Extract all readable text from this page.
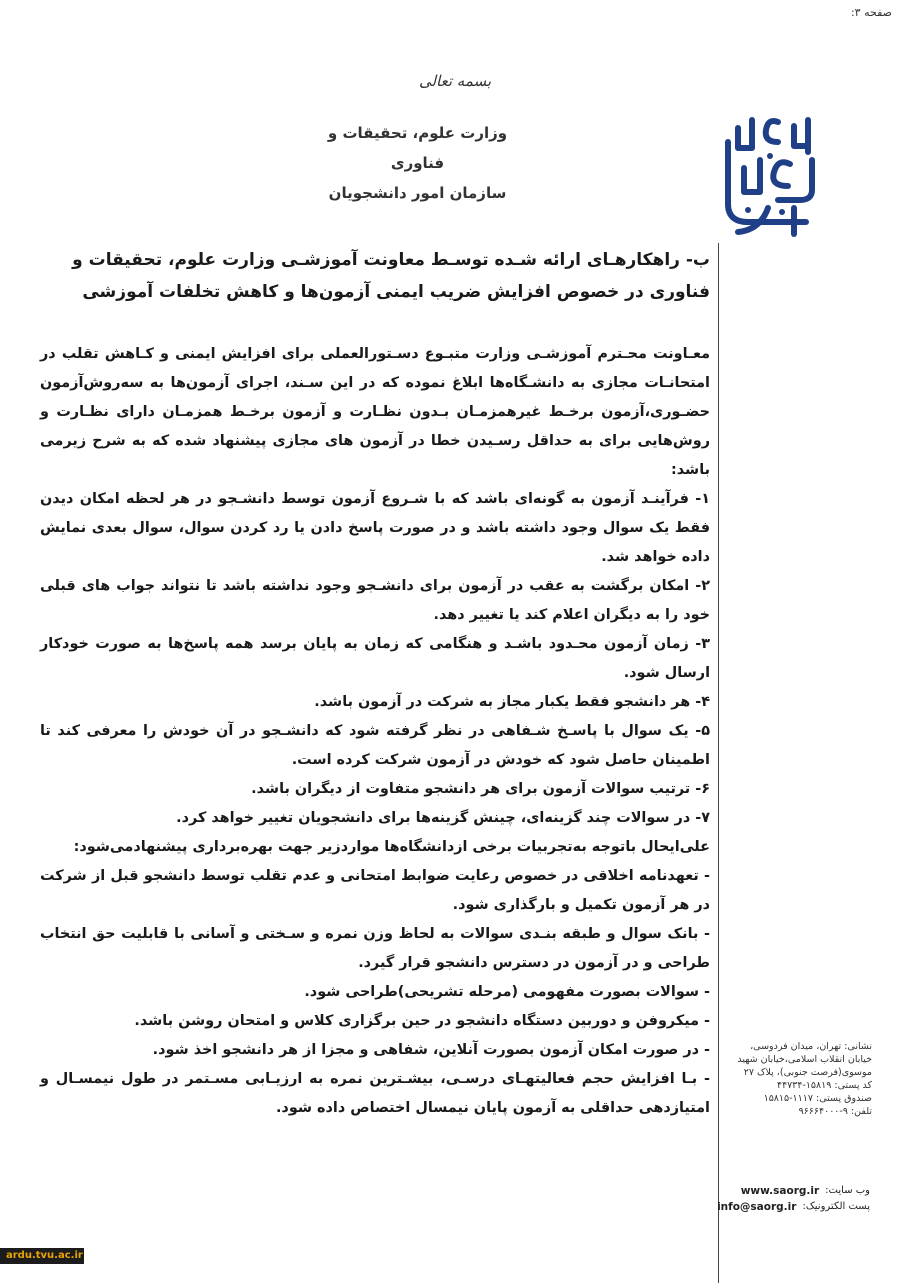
صفحه ۳:
بسمه تعالی
وزارت علوم، تحقیقات و فناوری
سازمان امور دانشجویان
سازمان امور دانشجویان
ب- راهکارهـای ارائه شـده توسـط معاونت آموزشـی وزارت علوم، تحقیقات و فناوری در خصوص افزایش ضریب ایمنی آزمون‌ها و کاهش تخلفات آموزشی

معـاونت محـترم آموزشـی وزارت متبـوع دسـتورالعملی برای افزایش ایمنی و کـاهش تقلب در امتحانـات مجازی به دانشـگاه‌ها ابلاغ نموده که در این سـند، اجرای آزمون‌ها به سه‌روش‌آزمون حضـوری،آزمون برخـط غیرهمزمـان بـدون نظـارت و آزمون برخـط همزمـان دارای نظـارت و روش‌هایی برای به حداقل رسـیدن خطا در آزمون های مجازی پیشنهاد شده که به شرح زیرمی باشد:

۱- فرآینـد آزمون به گونه‌ای باشد که با شـروع آزمون توسط دانشـجو در هر لحظه امکان دیدن فقط یک سوال وجود داشته باشد و در صورت پاسخ دادن یا رد کردن سوال، سوال بعدی نمایش داده خواهد شد.

۲- امکان برگشت به عقب در آزمون برای دانشـجو وجود نداشته باشد تا نتواند جواب های قبلی خود را به دیگران اعلام کند یا تغییر دهد.

۳- زمان آزمون محـدود باشـد و هنگامی که زمان به پایان برسد همه پاسخ‌ها به صورت خودکار ارسال شود.

۴- هر دانشجو فقط یکبار مجاز به شرکت در آزمون باشد.

۵- یک سوال با پاسـخ شـفاهی در نظر گرفته شود که دانشـجو در آن خودش را معرفی کند تا اطمینان حاصل شود که خودش در آزمون شرکت کرده است.

۶- ترتیب سوالات آزمون برای هر دانشجو متفاوت از دیگران باشد.

۷- در سوالات چند گزینه‌ای، چینش گزینه‌ها برای دانشجویان تغییر خواهد کرد.

علی‌ایحال باتوجه به‌تجربیات برخی ازدانشگاه‌ها مواردزیر جهت بهره‌برداری پیشنهادمی‌شود:

- تعهدنامه اخلاقی در خصوص رعایت ضوابط امتحانی و عدم تقلب توسط دانشجو قبل از شرکت در هر آزمون تکمیل و بارگذاری شود.

- بانک سوال و طبقه بنـدی سوالات به لحاظ وزن نمره و سـختی و آسانی با قابلیت حق انتخاب طراحی و در آزمون در دسترس دانشجو قرار گیرد.

- سوالات بصورت مفهومی (مرحله تشریحی)طراحی شود.

- میکروفن و دوربین دستگاه دانشجو در حین برگزاری کلاس و امتحان روشن باشد.

- در صورت امکان آزمون بصورت آنلاین، شفاهی و مجزا از هر دانشجو اخذ شود.

- بـا افزایش حجم فعالیتهـای درسـی، بیشـترین نمره به ارزیـابی مسـتمر در طول نیمسـال و امتیازدهی حداقلی به آزمون پایان نیمسال اختصاص داده شود.

نشانی: تهران، میدان فردوسی،
خیابان انقلاب اسلامی،خیابان شهید
موسوی(فرصت جنوبی)، پلاک ۲۷
کد پستی: ۱۵۸۱۹-۴۴۷۳۴
صندوق پستی: ۱۱۱۷-۱۵۸۱۵
تلفن: ۹-۹۶۶۶۴۰۰۰
وب سایت:
www.saorg.ir
پست الکترونیک:
info@saorg.ir
ardu.tvu.ac.ir
